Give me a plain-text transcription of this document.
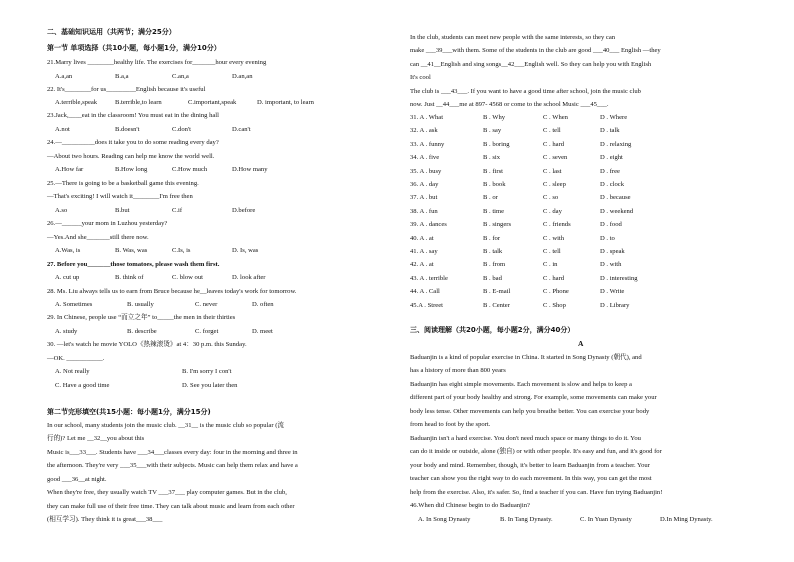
二、基础知识运用（共两节；满分25分）
第一节 单项选择（共10小题，每小题1分，满分10分）
21.Marry lives ________healthy life. The exercises for_______hour every evening
A.a,an	B.a,a	C.an,a	D.an,an
22. It's________for us_________English because it's useful
A.terrible,speak	B.terrible,to learn	C.important,speak	D. important, to learn
23.Jack,____eat in the classroom! You must eat in the dining hall
A.not	B.doesn't	C.don't	D.can't
24.—__________does it take you to do some reading every day?
—About two hours. Reading can help me know the world well.
A.How far	B.How long	C.How much	D.How many
25.—There is going to be a basketball game this evening.
—That's exciting! I will watch it________I'm free then
A.so	B.but	C.if	D.before
26.—______your mom in Luzhou yesterday?
—Yes.And she_______still there now.
A.Was, is	B. Was, was	C.Is, is	D. Is, was
27. Before you_______those tomatoes, please wash them first.
A. cut up	B. think of	C. blow out	D. look after
28. Ms. Liu always tells us to earn from Bruce because he__leaves today's work for tomorrow.
A. Sometimes	B. usually	C. never	D. often
29. In Chinese, people use “而立之年” to_____the men in their thirties
A. study	B. describe	C. forget	D. meet
30. —let's watch he movie YOLO《热辣滚烫》at 4：30 p.m. this Sunday.
—OK. ___________.
A. Not really	B. I'm sorry I con't
C. Have a good time	D. See you later then
第二节完形填空(共15小题：每小题1分，满分15分)
In our school, many students join the music club. __31__ is the music club so popular (流
行的)? Let me __32__you about this
Music is___33___. Students have ___34___classes every day: four in the morning and three in
the afternoon. They're very ___35___with their subjects. Music can help them relax and have a
good ___36__at night.
When they're free, they usually watch TV ___37___ play computer games. But in the club,
they can make full use of their free time. They can talk about music and learn from each other
(相互学习). They think it is great___38___
In the club, students can meet new people with the same interests, so they can
make ___39___with them. Some of the students in the club are good ___40___ English —they
can __41__English and sing songs__42___English well. So they can help you with English
It's cool
The club is ___43___. If you want to have a good time after school, join the music club
now. Just __44___me at 897- 4568 or come to the school Music ___45___.
31. A . What	B . Why	C . When	D . Where
32. A . ask	B . say	C . tell	D . talk
33. A . funny	B . boring	C . hard	D . relaxing
34. A . five	B . six	C . seven	D . eight
35. A . busy	B . first	C . last	D . free
36. A . day	B . book	C . sleep	D . clock
37. A . but	B . or	C . so	D . because
38. A . fun	B . time	C . day	D . weekend
39. A . dances	B . singers	C . friends	D . food
40. A . at	B . for	C . with	D . to
41. A . say	B . talk	C . tell	D . speak
42. A . at	B . from	C . in	D . with
43. A . terrible	B . bad	C . hard	D . interesting
44. A . Call	B . E-mail	C . Phone	D . Write
45.A . Street	B . Center	C . Shop	D . Library
三、阅读理解（共20小题，每小题2分，满分40分）
A
Baduanjin is a kind of popular exercise in China. It started in Song Dynasty (朝代), and
has a history of more than 800 years
Baduanjin has eight simple movements. Each movement is slow and helps to keep a
different part of your body healthy and strong. For example, some movements can make your
body less tense. Other movements can help you breathe better. You can exercise your body
from head to foot by the sport.
Baduanjin isn't a hard exercise. You don't need much space or many things to do it. You
can do it inside or outside, alone (独自) or with other people. It's easy and fun, and it's good for
your body and mind. Remember, though, it's better to learn Baduanjin from a teacher. Your
teacher can show you the right way to do each movement. In this way, you can get the most
help from the exercise. Also, it's safer. So, find a teacher if you can. Have fun trying Baduanjin!
46.When did Chinese begin to do Baduanjin?
A. In Song Dynasty	B. In Tang Dynasty.	C. In Yuan Dynasty	D.In Ming Dynasty.
